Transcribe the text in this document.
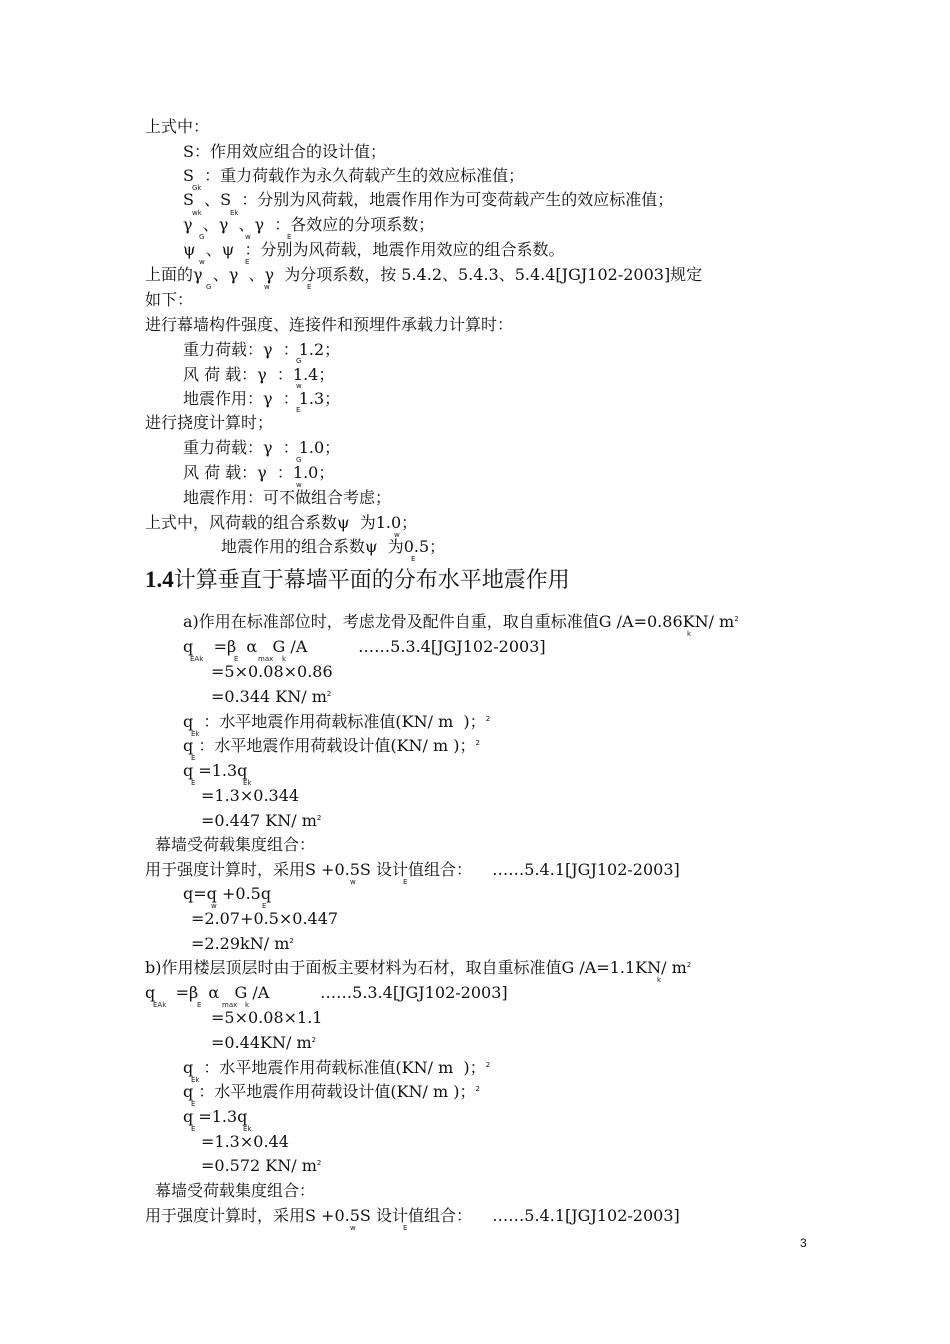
上式中：
S：作用效应组合的设计值；
S  ：重力荷载作为永久荷载产生的效应标准值；
Gk
S  、S  ：分别为风荷载，地震作用作为可变荷载产生的效应标准值；
wk	Ek
γ  、γ  、γ  ：各效应的分项系数；
G	w	E
ψ  、ψ  ：分别为风荷载，地震作用效应的组合系数。
w	E
上面的γ  、γ  、γ  为分项系数，按 5.4.2、5.4.3、5.4.4[JGJ102-2003]规定
G	w	E
如下：
进行幕墙构件强度、连接件和预埋件承载力计算时：
重力荷载：γ  ：1.2；
G
风 荷 载：γ  ：1.4；
w
地震作用：γ  ：1.3；
E
进行挠度计算时；
重力荷载：γ  ：1.0；
G
风 荷 载：γ  ：1.0；
w
地震作用：可不做组合考虑；
上式中，风荷载的组合系数ψ  为1.0；
w
地震作用的组合系数ψ  为0.5；
E
1.4计算垂直于幕墙平面的分布水平地震作用
a)作用在标准部位时，考虑龙骨及配件自重，取自重标准值G /A=0.86KN/ $m^2$
k
q    =β  α   G /A          ……5.3.4[JGJ102-2003]
EAk	E	max k
=5×0.08×0.86
=0.344 KN/ $m^2$
q  ：水平地震作用荷载标准值(KN/ m  )；$^2$
Ek
q ：水平地震作用荷载设计值(KN/ m )；$^2$
E
q =1.3q
E	Ek
=1.3×0.344
=0.447 KN/ $m^2$
幕墙受荷载集度组合：
用于强度计算时，采用S +0.5S 设计值组合：    ……5.4.1[JGJ102-2003]
w	E
q=q +0.5q
w	E
=2.07+0.5×0.447
=2.29kN/ $m^2$
b)作用楼层顶层时由于面板主要材料为石材，取自重标准值G /A=1.1KN/ $m^2$
k
q    =β  α   G /A          ……5.3.4[JGJ102-2003]
EAk	E	max k
=5×0.08×1.1
=0.44KN/ $m^2$
q  ：水平地震作用荷载标准值(KN/ m  )；$^2$
Ek
q ：水平地震作用荷载设计值(KN/ m )；$^2$
E
q =1.3q
E	Ek
=1.3×0.44
=0.572 KN/ $m^2$
幕墙受荷载集度组合：
用于强度计算时，采用S +0.5S 设计值组合：    ……5.4.1[JGJ102-2003]
w	E
3
